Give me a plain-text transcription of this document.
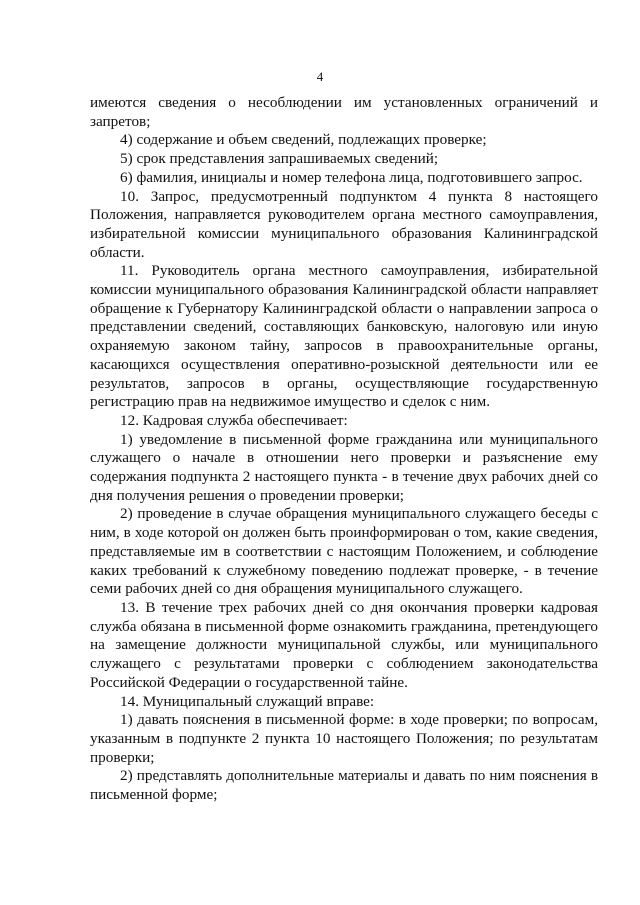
4

имеются сведения о несоблюдении им установленных ограничений и запретов;

4) содержание и объем сведений, подлежащих проверке;

5) срок представления запрашиваемых сведений;

6) фамилия, инициалы и номер телефона лица, подготовившего запрос.

10. Запрос, предусмотренный подпунктом 4 пункта 8 настоящего Положения, направляется руководителем органа местного самоуправления, избирательной комиссии муниципального образования Калининградской области.

11. Руководитель органа местного самоуправления, избирательной комиссии муниципального образования Калининградской области направляет обращение к Губернатору Калининградской области о направлении запроса о представлении сведений, составляющих банковскую, налоговую или иную охраняемую законом тайну, запросов в правоохранительные органы, касающихся осуществления оперативно-розыскной деятельности или ее результатов, запросов в органы, осуществляющие государственную регистрацию прав на недвижимое имущество и сделок с ним.

12. Кадровая служба обеспечивает:

1) уведомление в письменной форме гражданина или муниципального служащего о начале в отношении него проверки и разъяснение ему содержания подпункта 2 настоящего пункта - в течение двух рабочих дней со дня получения решения о проведении проверки;

2) проведение в случае обращения муниципального служащего беседы с ним, в ходе которой он должен быть проинформирован о том, какие сведения, представляемые им в соответствии с настоящим Положением, и соблюдение каких требований к служебному поведению подлежат проверке, - в течение семи рабочих дней со дня обращения муниципального служащего.

13. В течение трех рабочих дней со дня окончания проверки кадровая служба обязана в письменной форме ознакомить гражданина, претендующего на замещение должности муниципальной службы, или муниципального служащего с результатами проверки с соблюдением законодательства Российской Федерации о государственной тайне.

14. Муниципальный служащий вправе:

1) давать пояснения в письменной форме: в ходе проверки; по вопросам, указанным в подпункте 2 пункта 10 настоящего Положения; по результатам проверки;

2) представлять дополнительные материалы и давать по ним пояснения в письменной форме;
